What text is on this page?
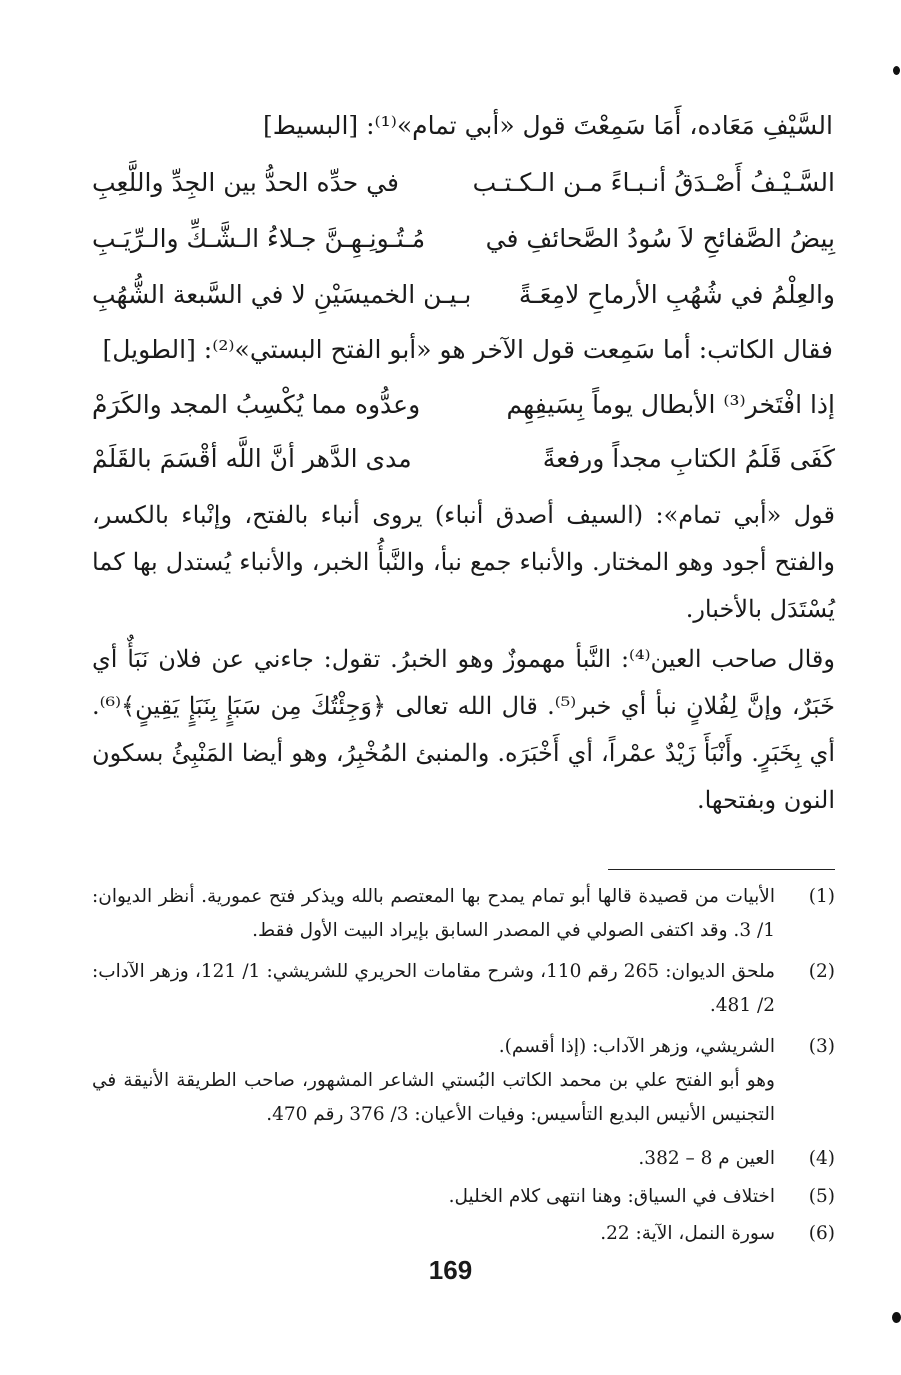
السَّيْفِ مَعَاده، أَمَا سَمِعْتَ قول «أبي تمام»⁽¹⁾: [البسيط]
السَّـيْـفُ أَصْـدَقُ أنـبـاءً مـن الـكـتـب
في حدِّه الحدُّ بين الجِدِّ واللَّعِبِ
بِيضُ الصَّفائحِ لاَ سُودُ الصَّحائفِ في
مُـتُـونِـهِـنَّ جـلاءُ الـشَّـكِّ والـرِّيَـبِ
والعِلْمُ في شُهُبِ الأرماحِ لامِعَـةً
بـيـن الخميسَيْنِ لا في السَّبعة الشُّهُبِ
فقال الكاتب: أما سَمِعت قول الآخر هو «أبو الفتح البستي»⁽²⁾: [الطويل]
إذا افْتَخر⁽³⁾ الأبطال يوماً بِسَيفِهِم
وعدُّوه مما يُكْسِبُ المجد والكَرَمْ
كَفَى قَلَمُ الكتابِ مجداً ورفعةً
مدى الدَّهر أنَّ اللَّه أقْسَمَ بالقَلَمْ
قول «أبي تمام»: (السيف أصدق أنباء) يروى أنباء بالفتح، وإنْباء بالكسر، والفتح أجود وهو المختار. والأنباء جمع نبأ، والنَّبأُ الخبر، والأنباء يُستدل بها كما يُسْتَدَل بالأخبار.
وقال صاحب العين⁽⁴⁾: النَّبأ مهموزٌ وهو الخبرُ. تقول: جاءني عن فلان نَبَأٌ أي خَبَرٌ، وإنَّ لِفُلانٍ نبأ أي خبر⁽⁵⁾. قال الله تعالى ﴿وَجِئْتُكَ مِن سَبَإٍ بِنَبَإٍ يَقِينٍ﴾⁽⁶⁾. أي بِخَبَرٍ. وأَنْبَأَ زَيْدٌ عمْراً، أي أَخْبَرَه. والمنبئ المُخْبِرُ، وهو أيضا المَنْبِئُ بسكون النون وبفتحها.
(1)
الأبيات من قصيدة قالها أبو تمام يمدح بها المعتصم بالله ويذكر فتح عمورية. أنظر الديوان: 1/ 3. وقد اكتفى الصولي في المصدر السابق بإيراد البيت الأول فقط.
(2)
ملحق الديوان: 265 رقم 110، وشرح مقامات الحريري للشريشي: 1/ 121، وزهر الآداب: 2/ 481.
(3)
الشريشي، وزهر الآداب: (إذا أقسم).
وهو أبو الفتح علي بن محمد الكاتب البُستي الشاعر المشهور، صاحب الطريقة الأنيقة في التجنيس الأنيس البديع التأسيس: وفيات الأعيان: 3/ 376 رقم 470.
(4)
العين م 8 – 382.
(5)
اختلاف في السياق: وهنا انتهى كلام الخليل.
(6)
سورة النمل، الآية: 22.
169
